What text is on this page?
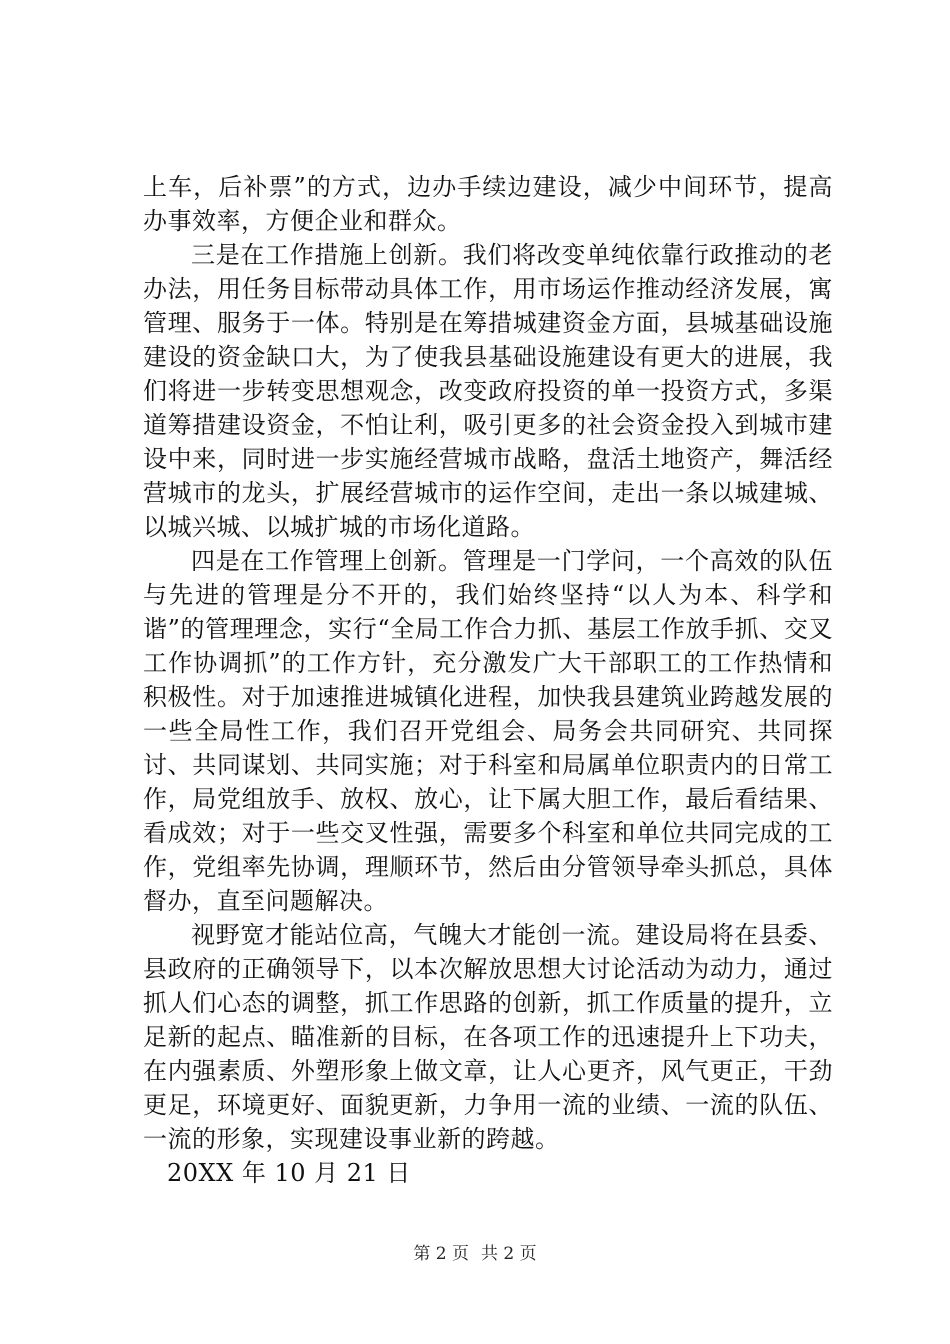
上车，后补票”的方式，边办手续边建设，减少中间环节，提高办事效率，方便企业和群众。

三是在工作措施上创新。我们将改变单纯依靠行政推动的老办法，用任务目标带动具体工作，用市场运作推动经济发展，寓管理、服务于一体。特别是在筹措城建资金方面，县城基础设施建设的资金缺口大，为了使我县基础设施建设有更大的进展，我们将进一步转变思想观念，改变政府投资的单一投资方式，多渠道筹措建设资金，不怕让利，吸引更多的社会资金投入到城市建设中来，同时进一步实施经营城市战略，盘活土地资产，舞活经营城市的龙头，扩展经营城市的运作空间，走出一条以城建城、以城兴城、以城扩城的市场化道路。

四是在工作管理上创新。管理是一门学问，一个高效的队伍与先进的管理是分不开的，我们始终坚持“以人为本、科学和谐”的管理理念，实行“全局工作合力抓、基层工作放手抓、交叉工作协调抓”的工作方针，充分激发广大干部职工的工作热情和积极性。对于加速推进城镇化进程，加快我县建筑业跨越发展的一些全局性工作，我们召开党组会、局务会共同研究、共同探讨、共同谋划、共同实施；对于科室和局属单位职责内的日常工作，局党组放手、放权、放心，让下属大胆工作，最后看结果、看成效；对于一些交叉性强，需要多个科室和单位共同完成的工作，党组率先协调，理顺环节，然后由分管领导牵头抓总，具体督办，直至问题解决。

视野宽才能站位高，气魄大才能创一流。建设局将在县委、县政府的正确领导下，以本次解放思想大讨论活动为动力，通过抓人们心态的调整，抓工作思路的创新，抓工作质量的提升，立足新的起点、瞄准新的目标，在各项工作的迅速提升上下功夫，在内强素质、外塑形象上做文章，让人心更齐，风气更正，干劲更足，环境更好、面貌更新，力争用一流的业绩、一流的队伍、一流的形象，实现建设事业新的跨越。

20XX 年 10 月 21 日

第 2 页 共 2 页
